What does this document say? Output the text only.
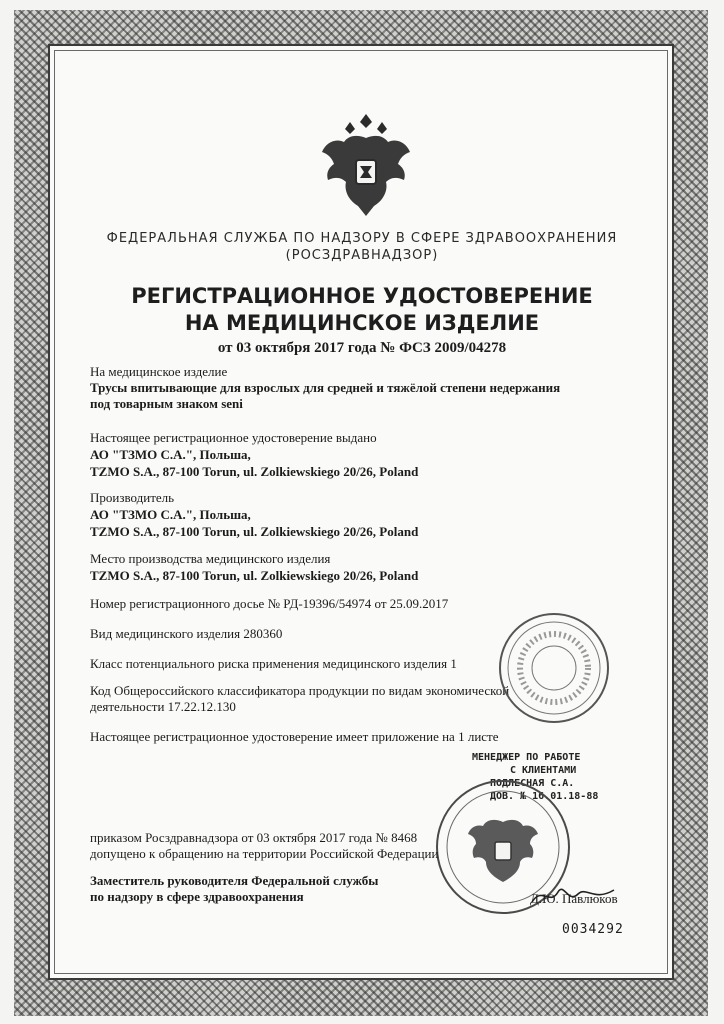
ФЕДЕРАЛЬНАЯ СЛУЖБА ПО НАДЗОРУ В СФЕРЕ ЗДРАВООХРАНЕНИЯ
(РОСЗДРАВНАДЗОР)
РЕГИСТРАЦИОННОЕ УДОСТОВЕРЕНИЕ
НА МЕДИЦИНСКОЕ ИЗДЕЛИЕ
от 03 октября 2017 года № ФСЗ 2009/04278
На медицинское изделие
Трусы впитывающие для взрослых для средней и тяжёлой степени недержания
под товарным знаком seni
Настоящее регистрационное удостоверение выдано
АО "ТЗМО С.А.", Польша,
TZMO S.A., 87-100 Torun, ul. Zolkiewskiego 20/26, Poland
Производитель
АО "ТЗМО С.А.", Польша,
TZMO S.A., 87-100 Torun, ul. Zolkiewskiego 20/26, Poland
Место производства медицинского изделия
TZMO S.A., 87-100 Torun, ul. Zolkiewskiego 20/26, Poland
Номер регистрационного досье № РД-19396/54974 от 25.09.2017
Вид медицинского изделия 280360
Класс потенциального риска применения медицинского изделия 1
Код Общероссийского классификатора продукции по видам экономической
деятельности 17.22.12.130
Настоящее регистрационное удостоверение имеет приложение на 1 листе
МЕНЕДЖЕР ПО РАБОТЕ
С КЛИЕНТАМИ
ПОДЛЕСНАЯ С.А.
ДОВ. № 16.01.18-88
приказом Росздравнадзора от 03 октября 2017 года № 8468
допущено к обращению на территории Российской Федерации
Заместитель руководителя Федеральной службы
по надзору в сфере здравоохранения	Д.Ю. Павлюков
0034292
